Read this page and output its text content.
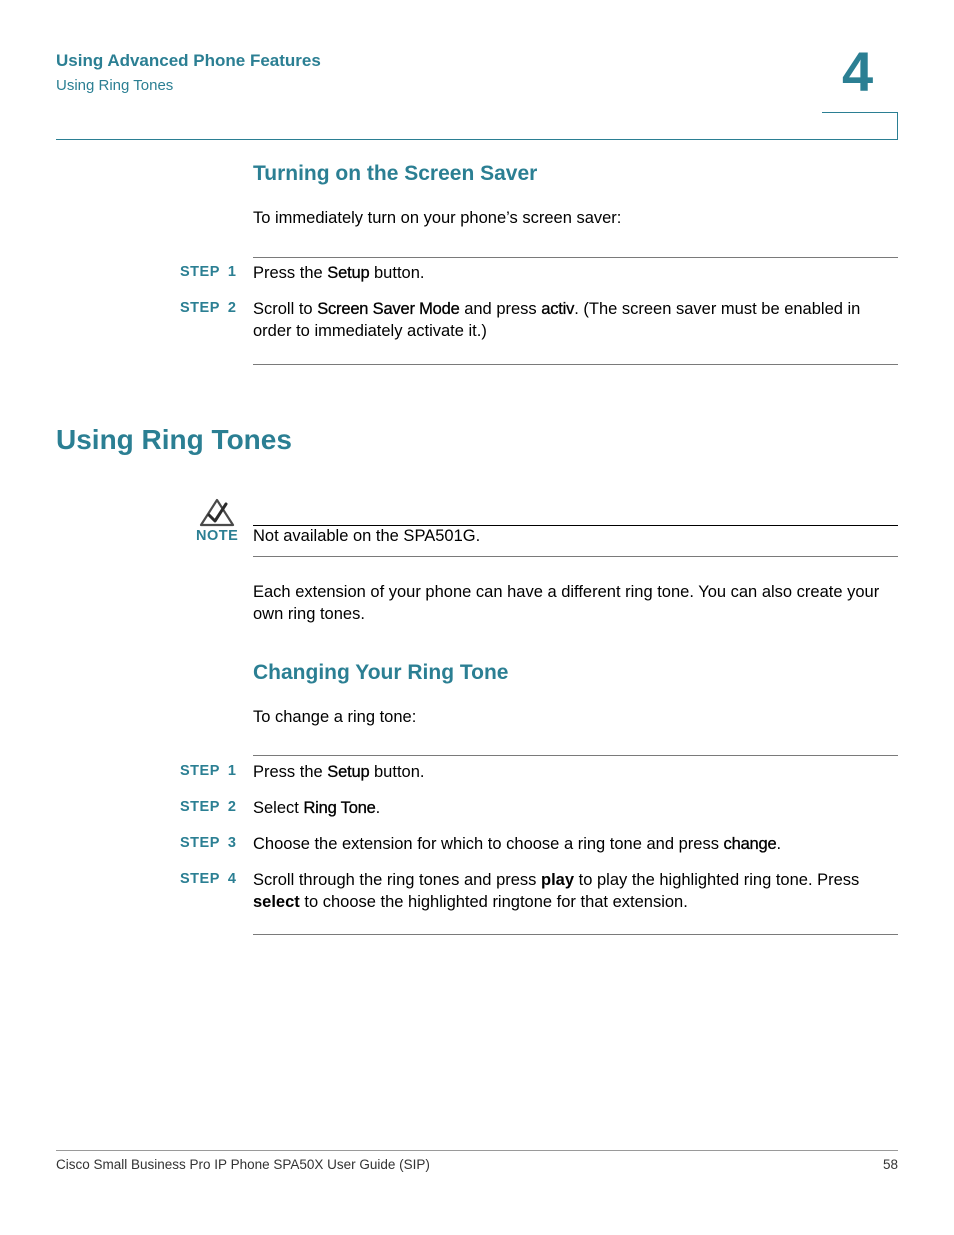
Using Advanced Phone Features
Using Ring Tones	4
Turning on the Screen Saver
To immediately turn on your phone’s screen saver:
STEP 1	Press the Setup button.
STEP 2	Scroll to Screen Saver Mode and press activ. (The screen saver must be enabled in order to immediately activate it.)
Using Ring Tones
NOTE Not available on the SPA501G.
Each extension of your phone can have a different ring tone. You can also create your own ring tones.
Changing Your Ring Tone
To change a ring tone:
STEP 1	Press the Setup button.
STEP 2	Select Ring Tone.
STEP 3	Choose the extension for which to choose a ring tone and press change.
STEP 4	Scroll through the ring tones and press play to play the highlighted ring tone. Press select to choose the highlighted ringtone for that extension.
Cisco Small Business Pro IP Phone SPA50X User Guide (SIP)	58
